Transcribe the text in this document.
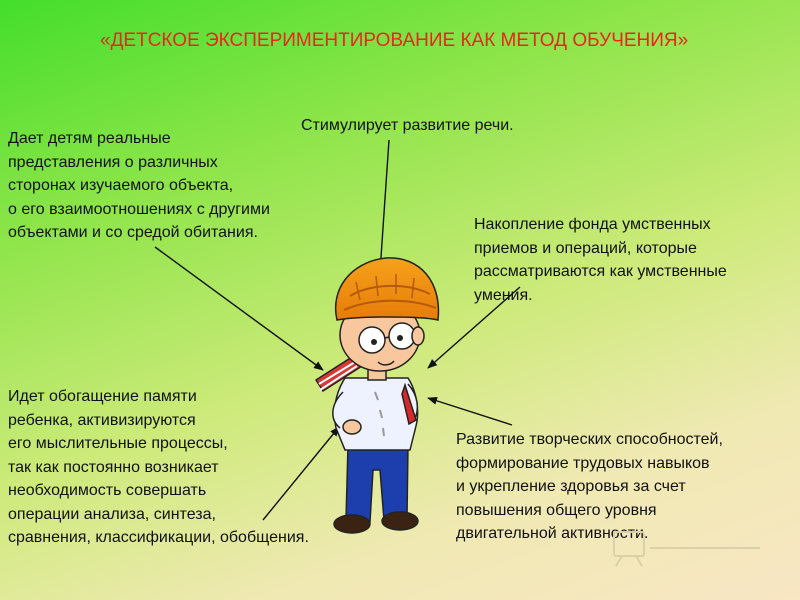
«ДЕТСКОЕ ЭКСПЕРИМЕНТИРОВАНИЕ КАК МЕТОД ОБУЧЕНИЯ»
Дает детям реальные
представления о различных
сторонах изучаемого объекта,
о его взаимоотношениях с другими
объектами и со средой обитания.
Стимулирует развитие речи.
Накопление фонда умственных
приемов и операций, которые
рассматриваются как умственные
умения.
Идет обогащение памяти
ребенка, активизируются
его мыслительные процессы,
так как постоянно возникает
необходимость совершать
операции анализа, синтеза,
сравнения, классификации, обобщения.
Развитие творческих способностей,
формирование трудовых навыков
и укрепление здоровья за счет
повышения общего уровня
двигательной активности.
